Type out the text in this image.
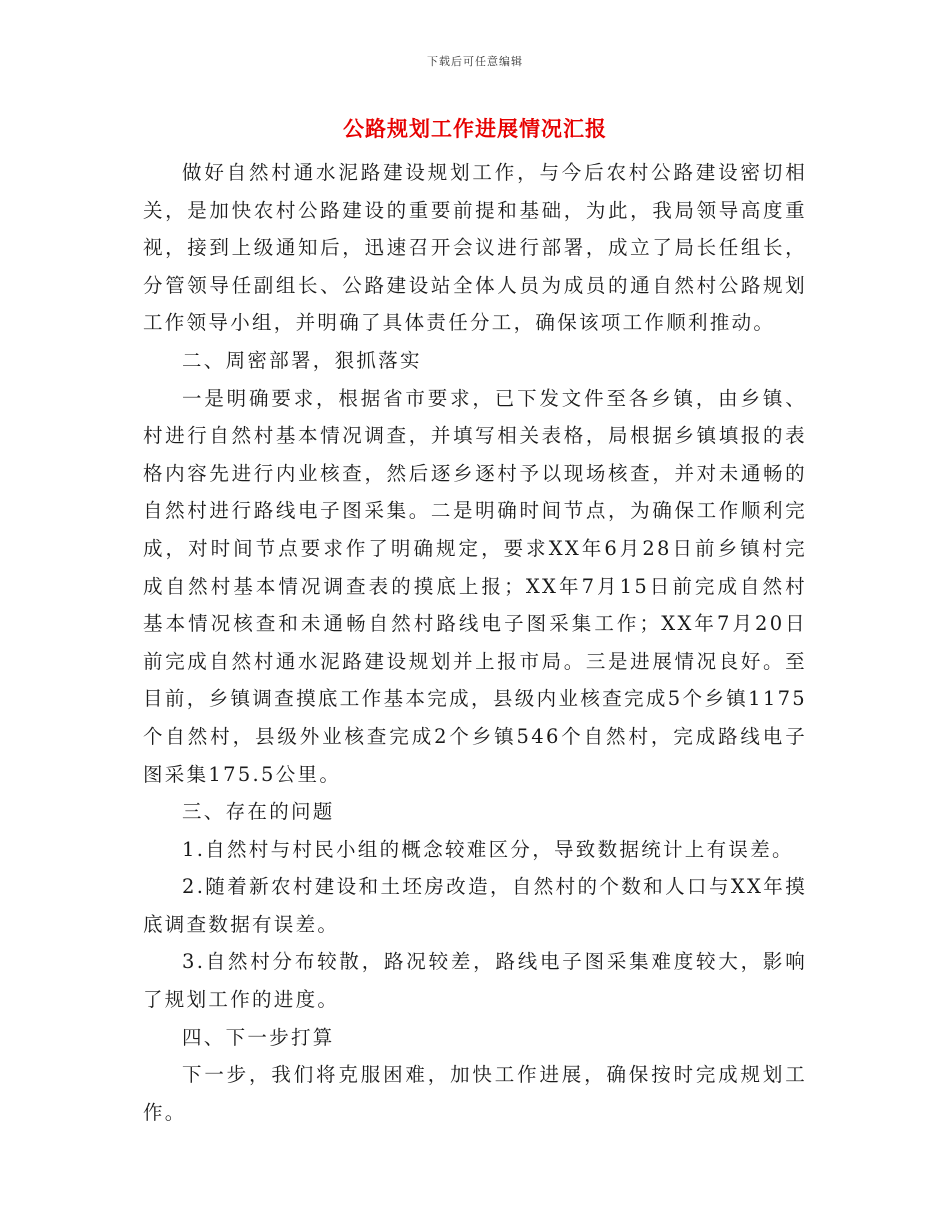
下载后可任意编辑
公路规划工作进展情况汇报

做好自然村通水泥路建设规划工作，与今后农村公路建设密切相关，是加快农村公路建设的重要前提和基础，为此，我局领导高度重视，接到上级通知后，迅速召开会议进行部署，成立了局长任组长，分管领导任副组长、公路建设站全体人员为成员的通自然村公路规划工作领导小组，并明确了具体责任分工，确保该项工作顺利推动。

二、周密部署，狠抓落实

一是明确要求，根据省市要求，已下发文件至各乡镇，由乡镇、村进行自然村基本情况调查，并填写相关表格，局根据乡镇填报的表格内容先进行内业核查，然后逐乡逐村予以现场核查，并对未通畅的自然村进行路线电子图采集。二是明确时间节点，为确保工作顺利完成，对时间节点要求作了明确规定，要求XX年6月28日前乡镇村完成自然村基本情况调查表的摸底上报；XX年7月15日前完成自然村基本情况核查和未通畅自然村路线电子图采集工作；XX年7月20日前完成自然村通水泥路建设规划并上报市局。三是进展情况良好。至目前，乡镇调查摸底工作基本完成，县级内业核查完成5个乡镇1175个自然村，县级外业核查完成2个乡镇546个自然村，完成路线电子图采集175.5公里。

三、存在的问题

1.自然村与村民小组的概念较难区分，导致数据统计上有误差。

2.随着新农村建设和土坯房改造，自然村的个数和人口与XX年摸底调查数据有误差。

3.自然村分布较散，路况较差，路线电子图采集难度较大，影响了规划工作的进度。

四、下一步打算

下一步，我们将克服困难，加快工作进展，确保按时完成规划工作。
